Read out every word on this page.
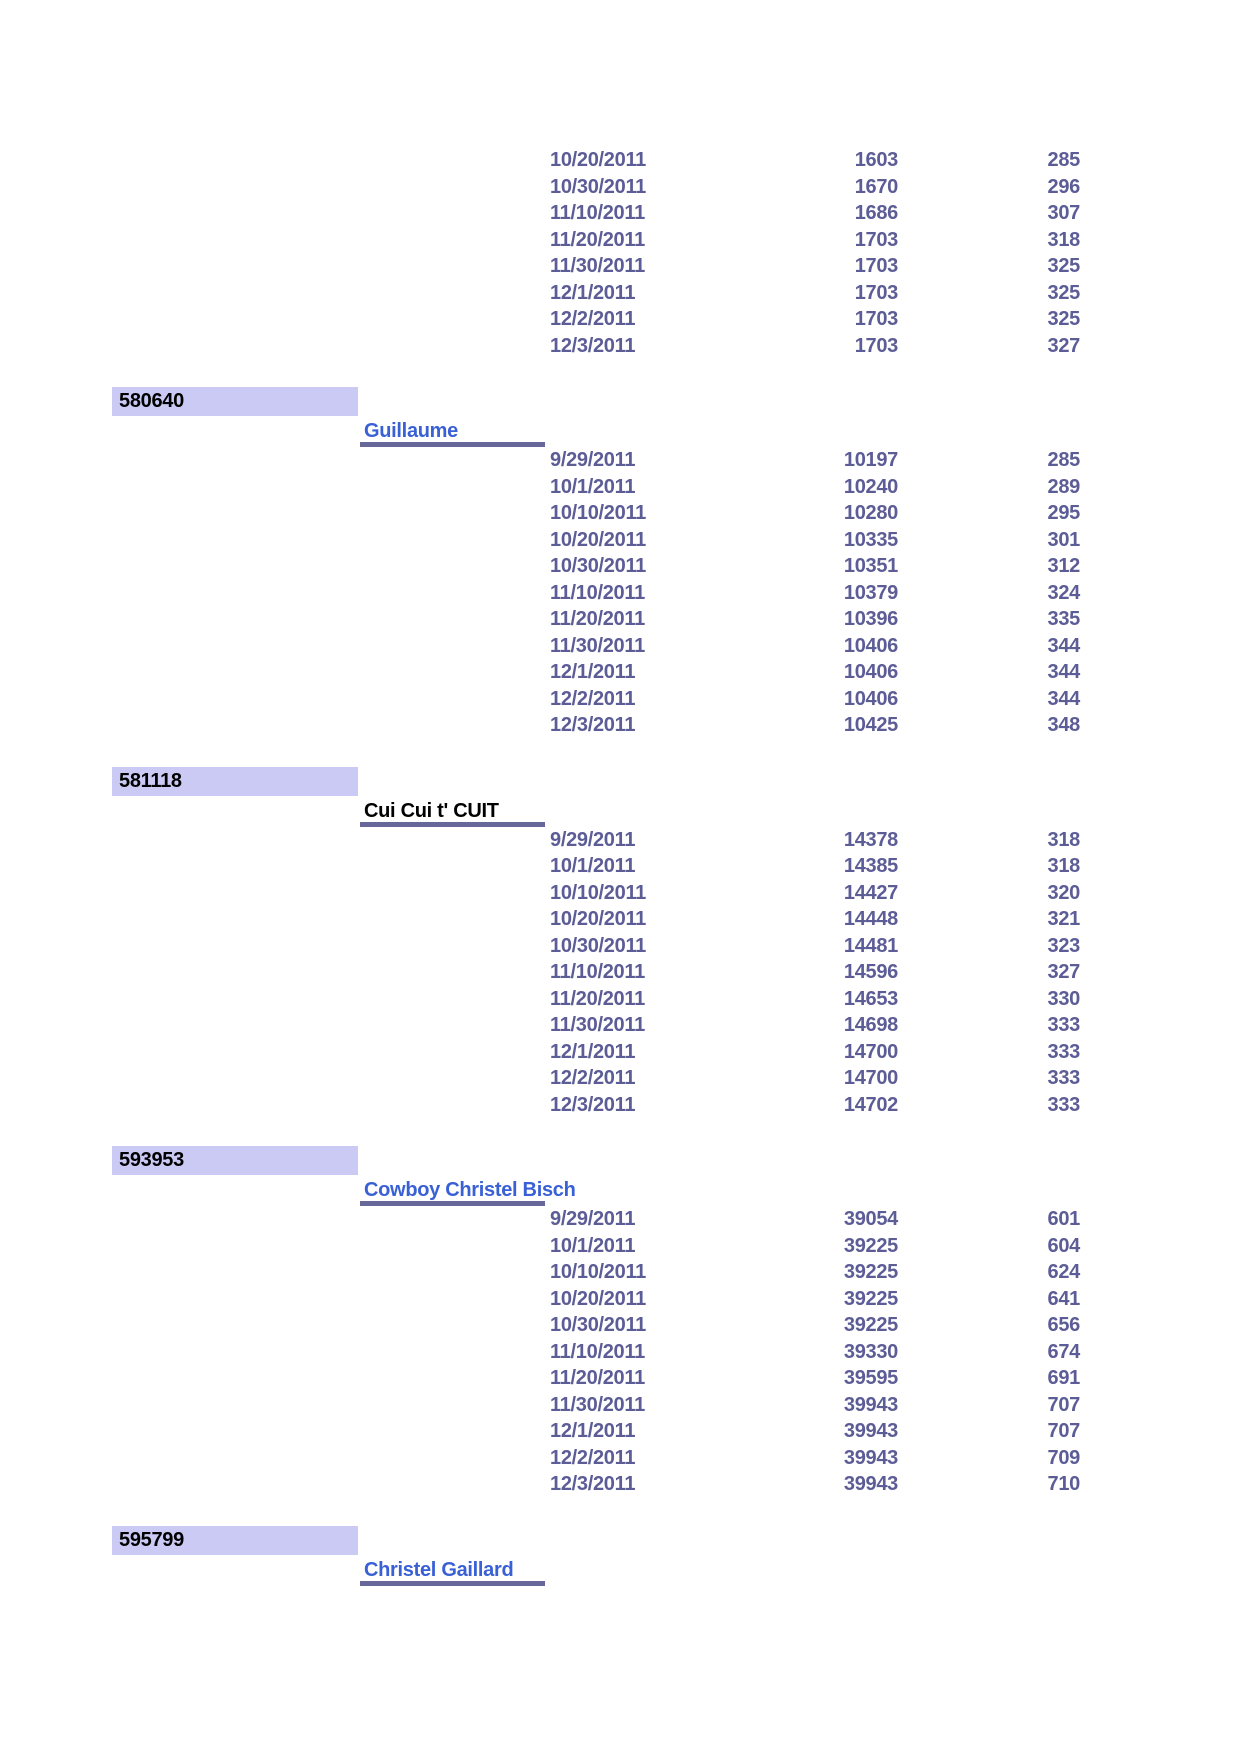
10/20/2011	1603	285
10/30/2011	1670	296
11/10/2011	1686	307
11/20/2011	1703	318
11/30/2011	1703	325
12/1/2011	1703	325
12/2/2011	1703	325
12/3/2011	1703	327
580640
Guillaume
9/29/2011	10197	285
10/1/2011	10240	289
10/10/2011	10280	295
10/20/2011	10335	301
10/30/2011	10351	312
11/10/2011	10379	324
11/20/2011	10396	335
11/30/2011	10406	344
12/1/2011	10406	344
12/2/2011	10406	344
12/3/2011	10425	348
581118
Cui Cui t' CUIT
9/29/2011	14378	318
10/1/2011	14385	318
10/10/2011	14427	320
10/20/2011	14448	321
10/30/2011	14481	323
11/10/2011	14596	327
11/20/2011	14653	330
11/30/2011	14698	333
12/1/2011	14700	333
12/2/2011	14700	333
12/3/2011	14702	333
593953
Cowboy Christel Bisch
9/29/2011	39054	601
10/1/2011	39225	604
10/10/2011	39225	624
10/20/2011	39225	641
10/30/2011	39225	656
11/10/2011	39330	674
11/20/2011	39595	691
11/30/2011	39943	707
12/1/2011	39943	707
12/2/2011	39943	709
12/3/2011	39943	710
595799
Christel Gaillard
